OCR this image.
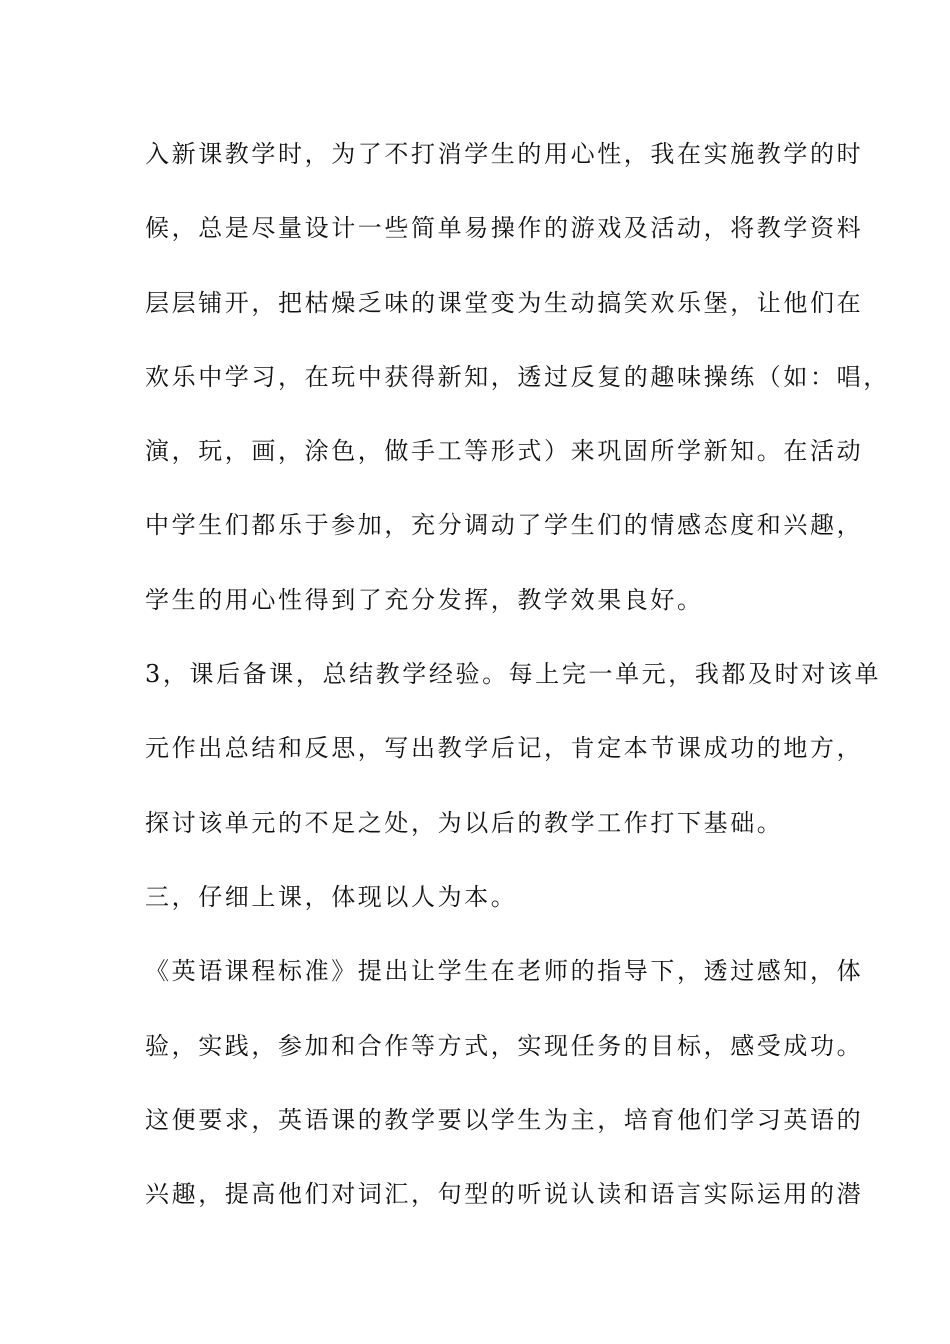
入新课教学时，为了不打消学生的用心性，我在实施教学的时
候，总是尽量设计一些简单易操作的游戏及活动，将教学资料
层层铺开，把枯燥乏味的课堂变为生动搞笑欢乐堡，让他们在
欢乐中学习，在玩中获得新知，透过反复的趣味操练（如：唱，
演，玩，画，涂色，做手工等形式）来巩固所学新知。在活动
中学生们都乐于参加，充分调动了学生们的情感态度和兴趣，
学生的用心性得到了充分发挥，教学效果良好。
3，课后备课，总结教学经验。每上完一单元，我都及时对该单
元作出总结和反思，写出教学后记，肯定本节课成功的地方，
探讨该单元的不足之处，为以后的教学工作打下基础。
三，仔细上课，体现以人为本。
《英语课程标准》提出让学生在老师的指导下，透过感知，体
验，实践，参加和合作等方式，实现任务的目标，感受成功。
这便要求，英语课的教学要以学生为主，培育他们学习英语的
兴趣，提高他们对词汇，句型的听说认读和语言实际运用的潜
